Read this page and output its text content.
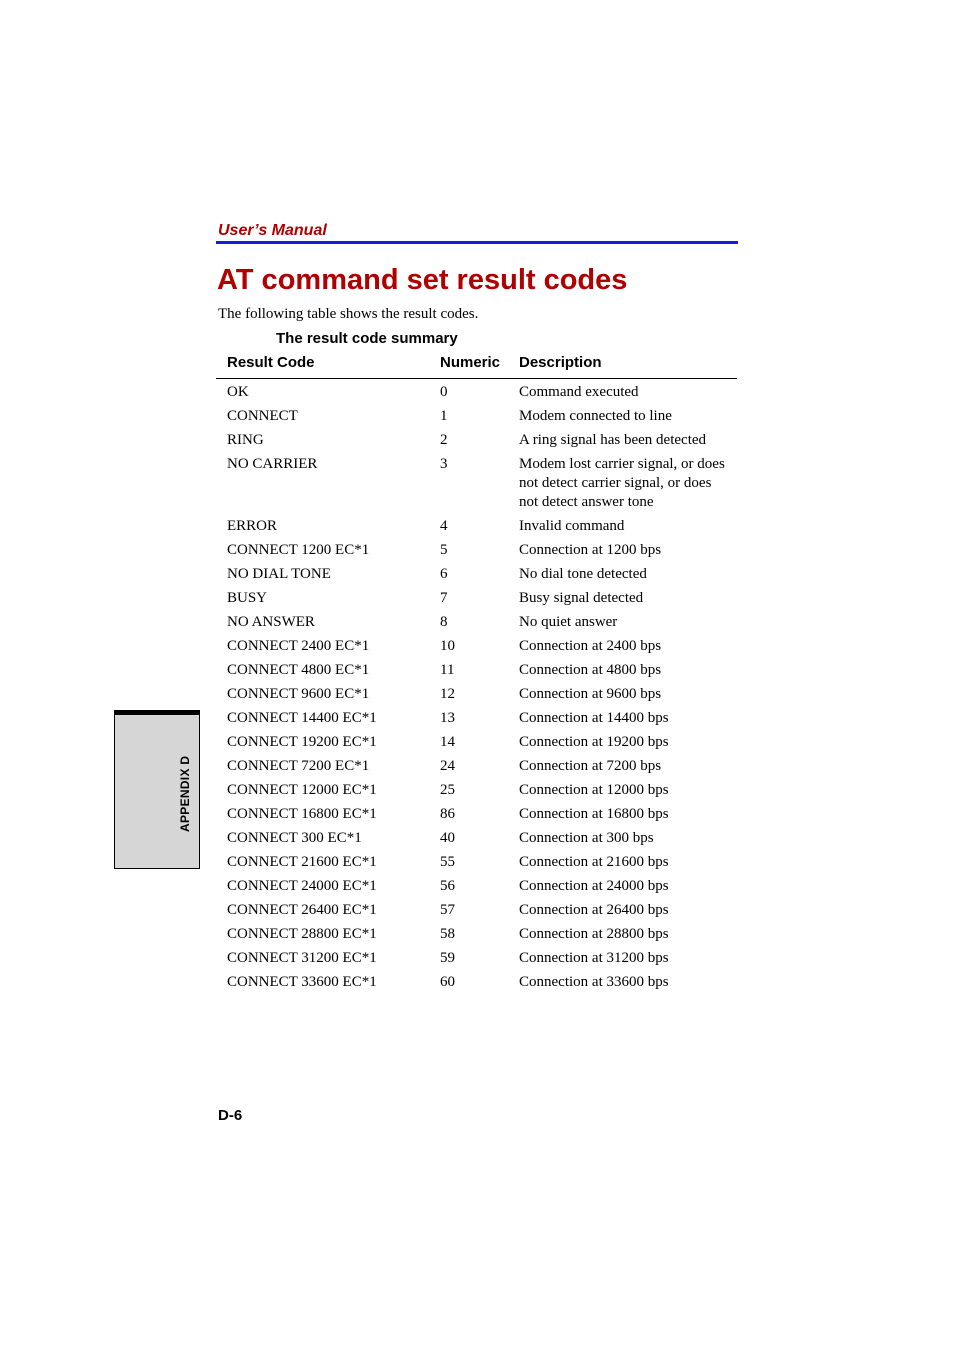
User’s Manual
AT command set result codes
The following table shows the result codes.
The result code summary
Result Code	Numeric Description
OK	0	Command executed
CONNECT	1	Modem connected to line
RING	2	A ring signal has been detected
NO CARRIER	3	Modem lost carrier signal, or does not detect carrier signal, or does not detect answer tone
ERROR	4	Invalid command
CONNECT 1200 EC*1	5	Connection at 1200 bps
NO DIAL TONE	6	No dial tone detected
BUSY	7	Busy signal detected
NO ANSWER	8	No quiet answer
CONNECT 2400 EC*1	10	Connection at 2400 bps
CONNECT 4800 EC*1	11	Connection at 4800 bps
CONNECT 9600 EC*1	12	Connection at 9600 bps
CONNECT 14400 EC*1	13	Connection at 14400 bps
CONNECT 19200 EC*1	14	Connection at 19200 bps
CONNECT 7200 EC*1	24	Connection at 7200 bps
CONNECT 12000 EC*1	25	Connection at 12000 bps
CONNECT 16800 EC*1	86	Connection at 16800 bps
CONNECT 300 EC*1	40	Connection at 300 bps
CONNECT 21600 EC*1	55	Connection at 21600 bps
CONNECT 24000 EC*1	56	Connection at 24000 bps
CONNECT 26400 EC*1	57	Connection at 26400 bps
CONNECT 28800 EC*1	58	Connection at 28800 bps
CONNECT 31200 EC*1	59	Connection at 31200 bps
CONNECT 33600 EC*1	60	Connection at 33600 bps
APPENDIX D
D-6
